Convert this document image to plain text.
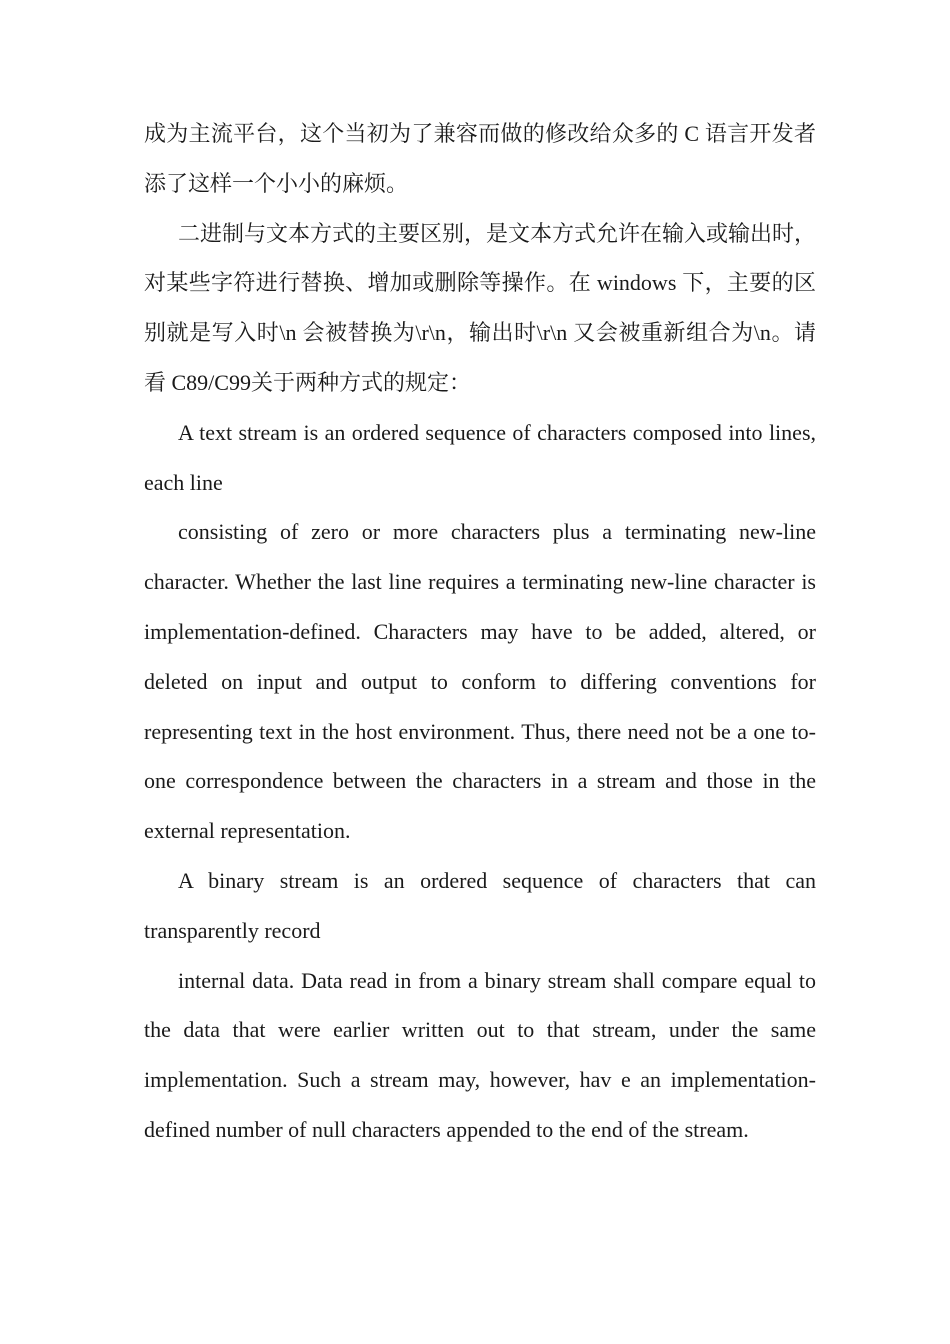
成为主流平台，这个当初为了兼容而做的修改给众多的 C 语言开发者添了这样一个小小的麻烦。

二进制与文本方式的主要区别，是文本方式允许在输入或输出时，对某些字符进行替换、增加或删除等操作。在 windows 下，主要的区别就是写入时\n 会被替换为\r\n，输出时\r\n 又会被重新组合为\n。请看 C89/C99关于两种方式的规定：

A text stream is an ordered sequence of characters composed into lines, each line

consisting of zero or more characters plus a terminating new-line character. Whether the last line requires a terminating new-line character is implementation-defined. Characters may have to be added, altered, or deleted on input and output to conform to differing conventions for representing text in the host environment. Thus, there need not be a one to-one correspondence between the characters in a stream and those in the external representation.

A binary stream is an ordered sequence of characters that can transparently record

internal data. Data read in from a binary stream shall compare equal to the data that were earlier written out to that stream, under the same implementation. Such a stream may, however, hav e an implementation-defined number of null characters appended to the end of the stream.
